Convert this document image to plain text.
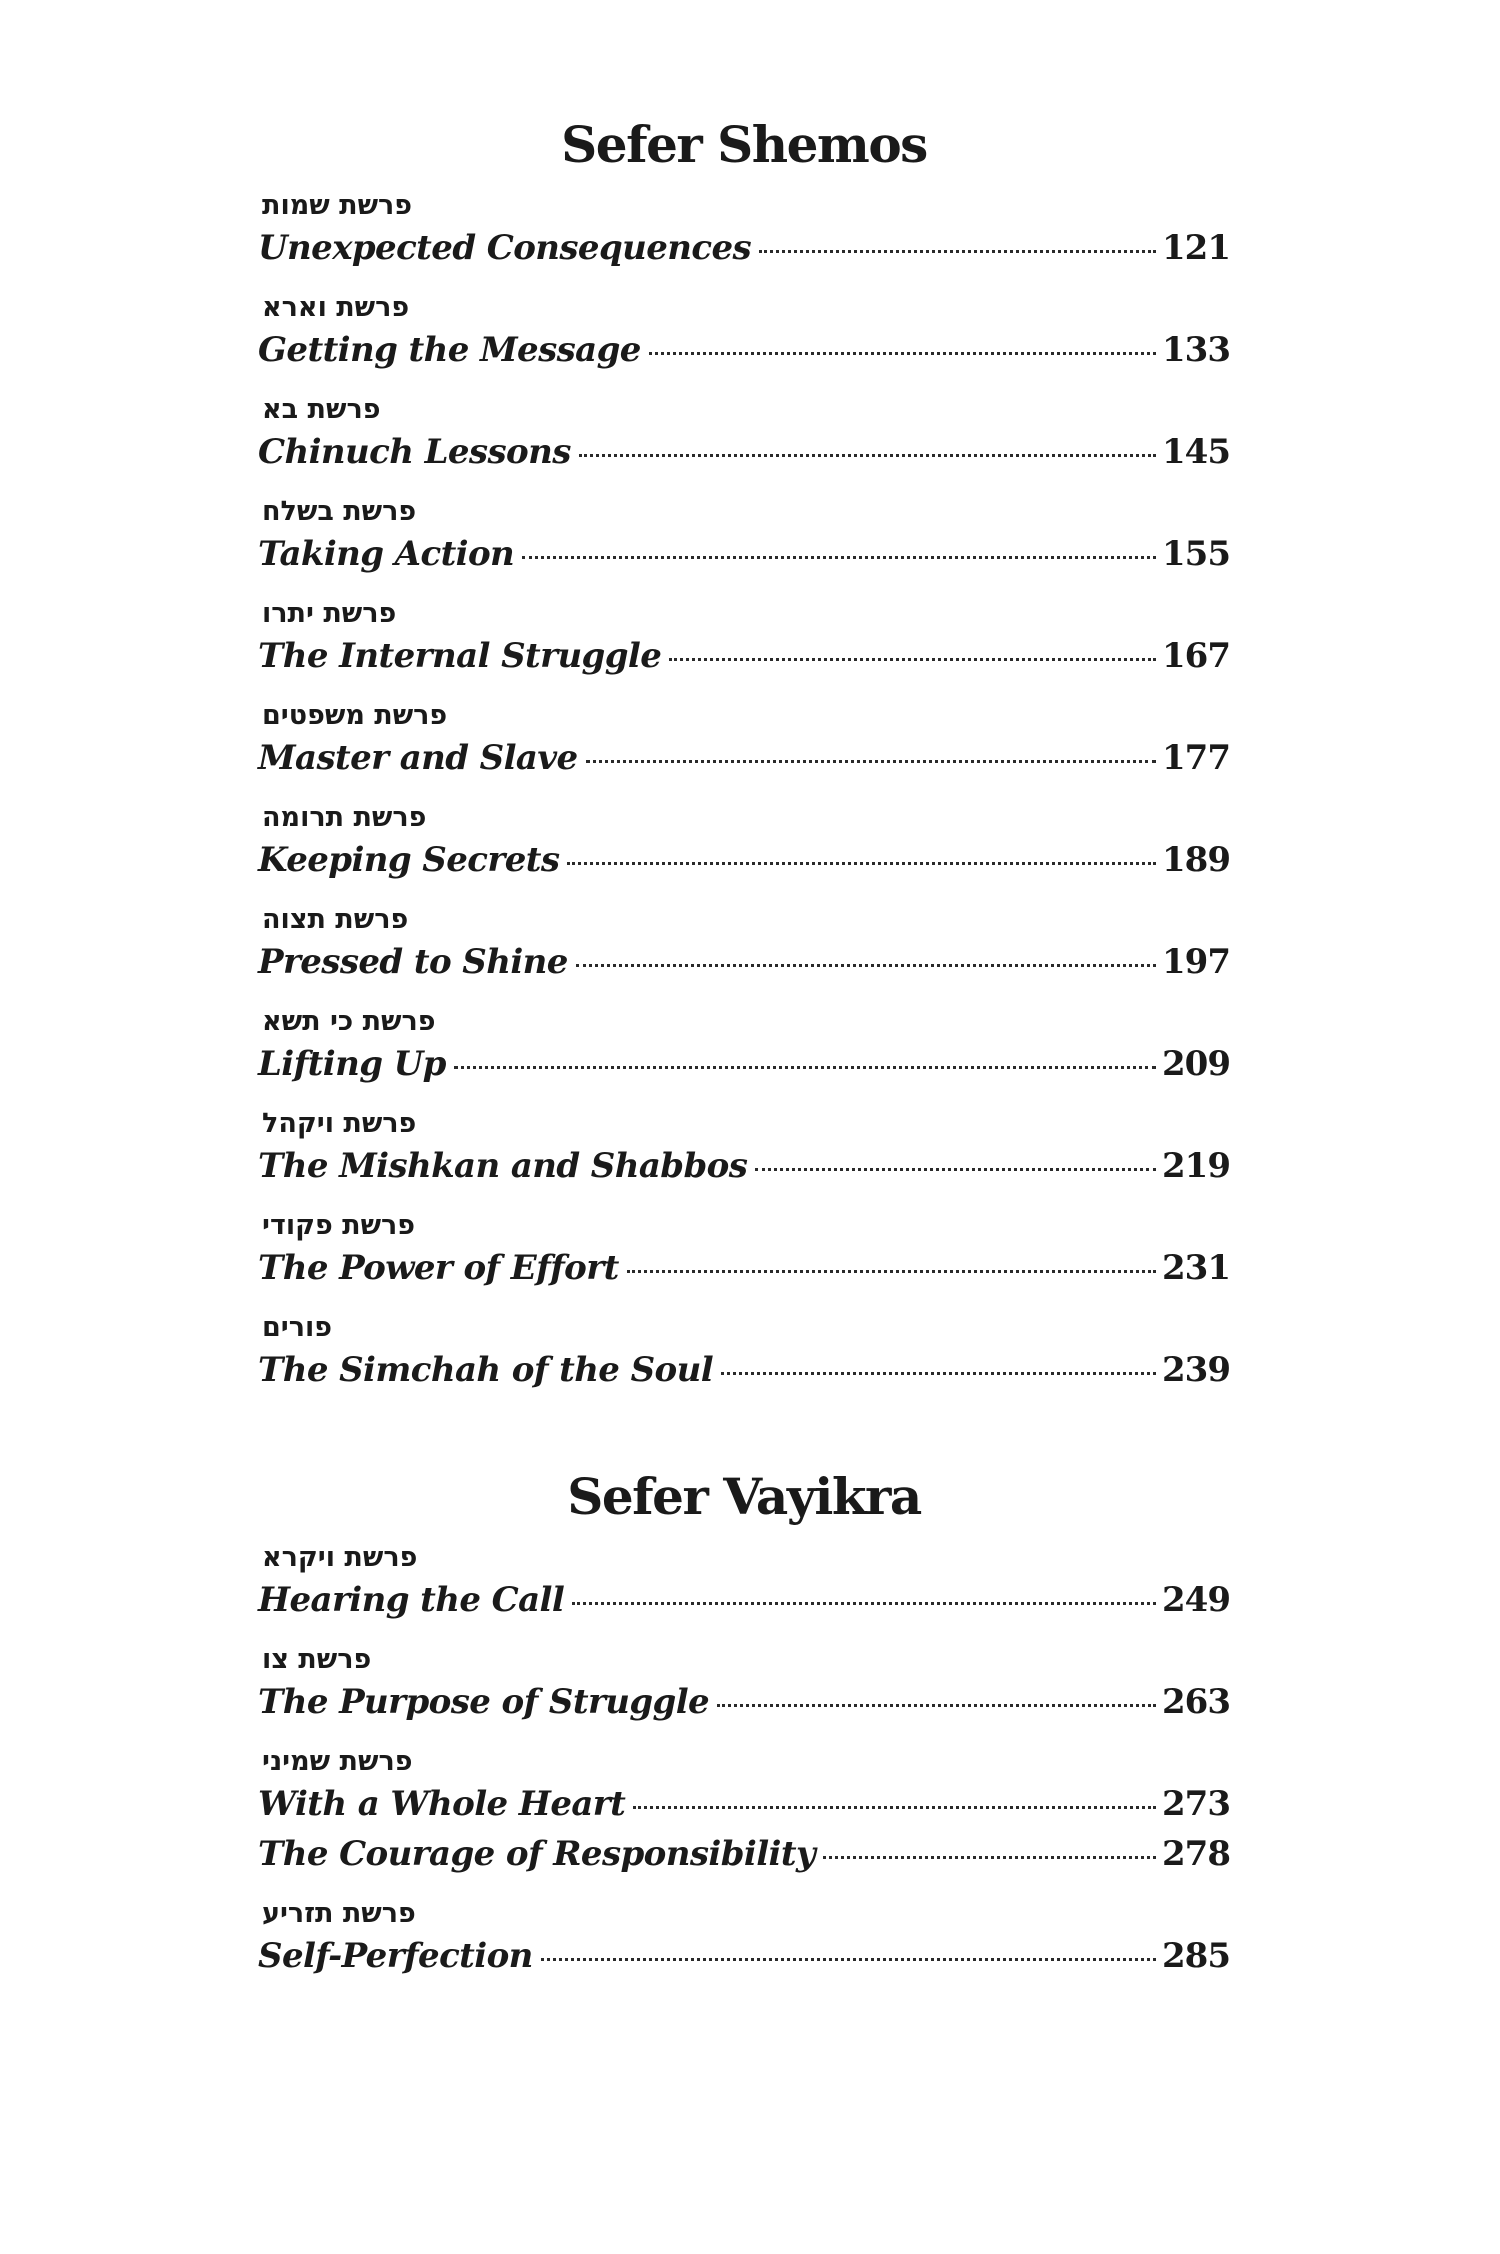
Sefer Shemos
פרשת שמות
Unexpected Consequences	121
פרשת וארא
Getting the Message	133
פרשת בא
Chinuch Lessons	145
פרשת בשלח
Taking Action	155
פרשת יתרו
The Internal Struggle	167
פרשת משפטים
Master and Slave	177
פרשת תרומה
Keeping Secrets	189
פרשת תצוה
Pressed to Shine	197
פרשת כי תשא
Lifting Up	209
פרשת ויקהל
The Mishkan and Shabbos	219
פרשת פקודי
The Power of Effort	231
פורים
The Simchah of the Soul	239
Sefer Vayikra
פרשת ויקרא
Hearing the Call	249
פרשת צו
The Purpose of Struggle	263
פרשת שמיני
With a Whole Heart	273
The Courage of Responsibility	278
פרשת תזריע
Self-Perfection	285
